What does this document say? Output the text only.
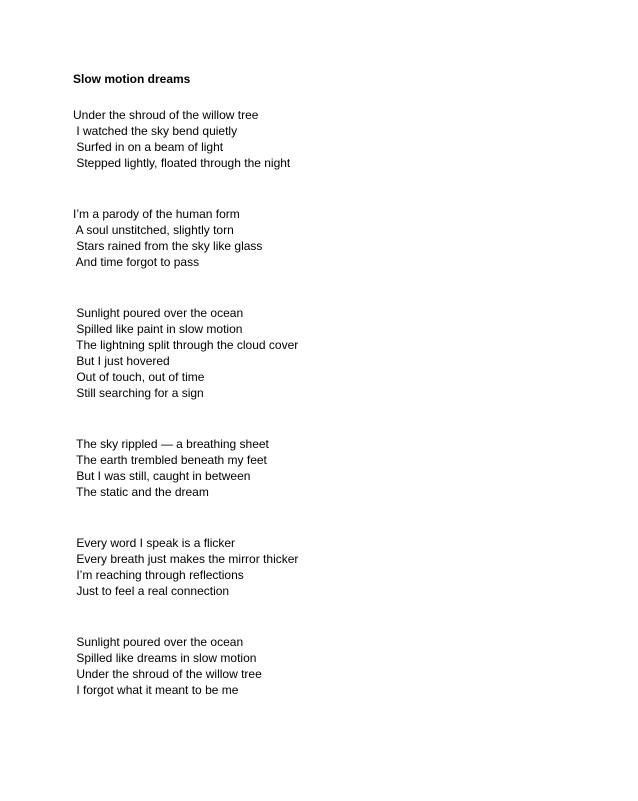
Slow motion dreams
Under the shroud of the willow tree
I watched the sky bend quietly
Surfed in on a beam of light
Stepped lightly, floated through the night
I’m a parody of the human form
A soul unstitched, slightly torn
Stars rained from the sky like glass
And time forgot to pass
Sunlight poured over the ocean
Spilled like paint in slow motion
The lightning split through the cloud cover
But I just hovered
Out of touch, out of time
Still searching for a sign
The sky rippled — a breathing sheet
The earth trembled beneath my feet
But I was still, caught in between
The static and the dream
Every word I speak is a flicker
Every breath just makes the mirror thicker
I’m reaching through reflections
Just to feel a real connection
Sunlight poured over the ocean
Spilled like dreams in slow motion
Under the shroud of the willow tree
I forgot what it meant to be me
